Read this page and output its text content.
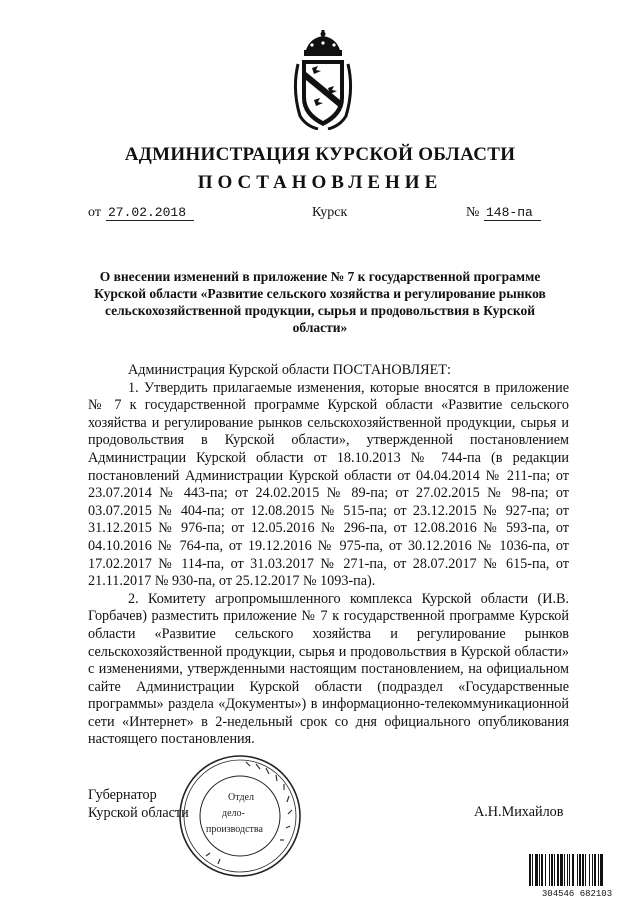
АДМИНИСТРАЦИЯ КУРСКОЙ ОБЛАСТИ
ПОСТАНОВЛЕНИЕ
от 27.02.2018	Курск	№ 148-па
О внесении изменений в приложение № 7 к государственной программе Курской области «Развитие сельского хозяйства и регулирование рынков сельскохозяйственной продукции, сырья и продовольствия в Курской области»

Администрация Курской области ПОСТАНОВЛЯЕТ:

1. Утвердить прилагаемые изменения, которые вносятся в приложение № 7 к государственной программе Курской области «Развитие сельского хозяйства и регулирование рынков сельскохозяйственной продукции, сырья и продовольствия в Курской области», утвержденной постановлением Администрации Курской области от 18.10.2013 № 744-па (в редакции постановлений Администрации Курской области от 04.04.2014 № 211-па; от 23.07.2014 № 443-па; от 24.02.2015 № 89-па; от 27.02.2015 № 98-па; от 03.07.2015 № 404-па; от 12.08.2015 № 515-па; от 23.12.2015 № 927-па; от 31.12.2015 № 976-па; от 12.05.2016 № 296-па, от 12.08.2016 № 593-па, от 04.10.2016 № 764-па, от 19.12.2016 № 975-па, от 30.12.2016 № 1036-па, от 17.02.2017 № 114-па, от 31.03.2017 № 271-па, от 28.07.2017 № 615-па, от 21.11.2017 № 930-па, от 25.12.2017 № 1093-па).

2. Комитету агропромышленного комплекса Курской области (И.В. Горбачев) разместить приложение № 7 к государственной программе Курской области «Развитие сельского хозяйства и регулирование рынков сельскохозяйственной продукции, сырья и продовольствия в Курской области» с изменениями, утвержденными настоящим постановлением, на официальном сайте Администрации Курской области (подраздел «Государственные программы» раздела «Документы») в информационно-телекоммуникационной сети «Интернет» в 2-недельный срок со дня официального опубликования настоящего постановления.

Губернатор
Курской области	А.Н.Михайлов
Отдел
дело-
производства
304546 682103
